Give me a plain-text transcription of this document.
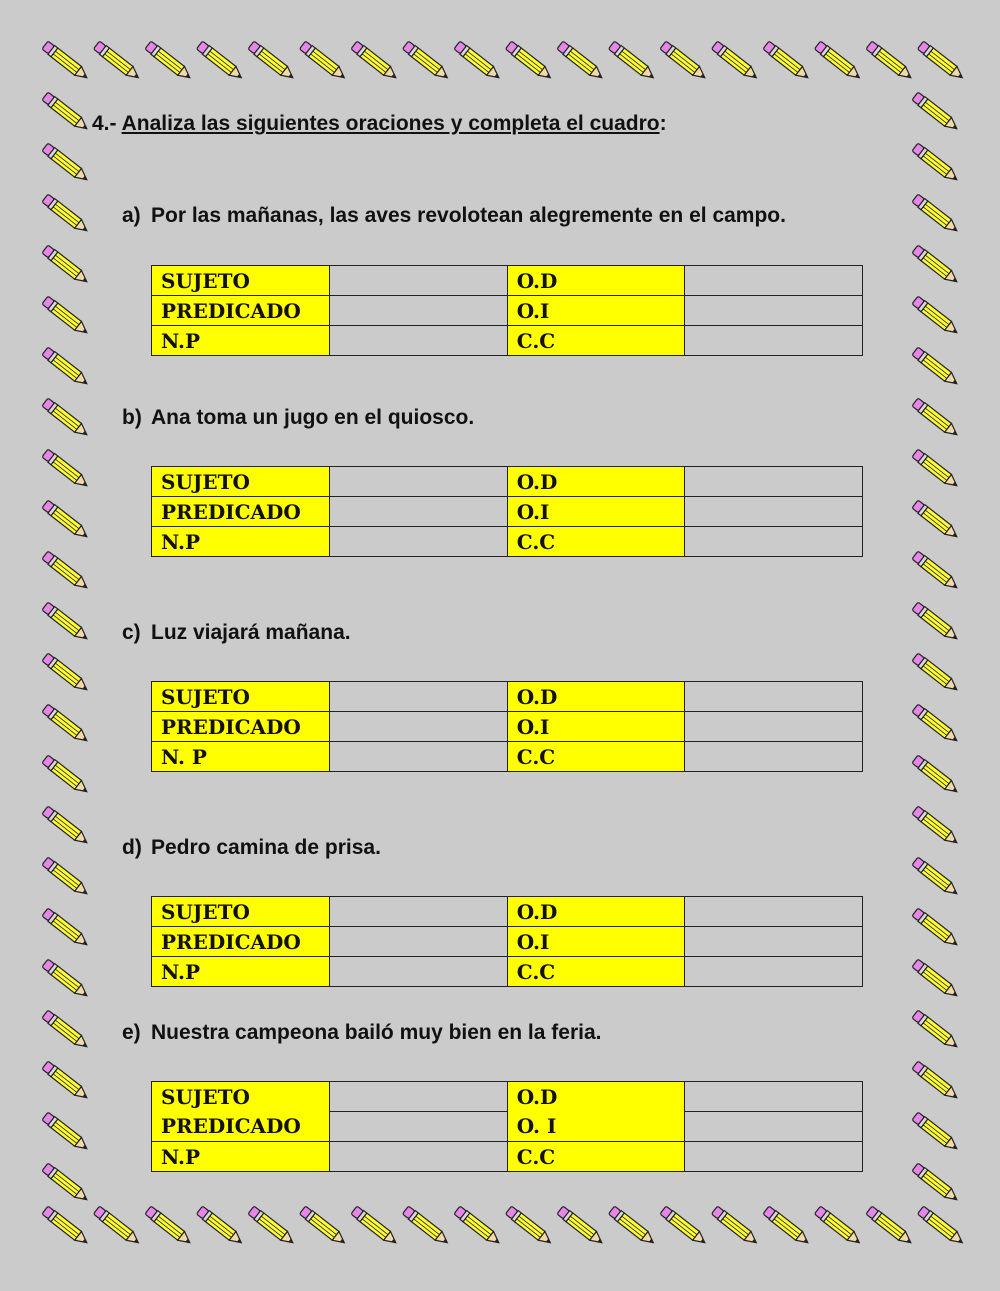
4.- Analiza las siguientes oraciones y completa el cuadro:
a) Por las mañanas, las aves revolotean alegremente en el campo.
SUJETO		O.D	
PREDICADO		O.I	
N.P		C.C	
b) Ana toma un jugo en el quiosco.
SUJETO		O.D	
PREDICADO		O.I	
N.P		C.C	
c) Luz viajará mañana.
SUJETO		O.D	
PREDICADO		O.I	
N. P		C.C	
d) Pedro camina de prisa.
SUJETO		O.D	
PREDICADO		O.I	
N.P		C.C	
e) Nuestra campeona bailó muy bien en la feria.
SUJETO		O.D	
PREDICADO		O. I	
N.P		C.C	
